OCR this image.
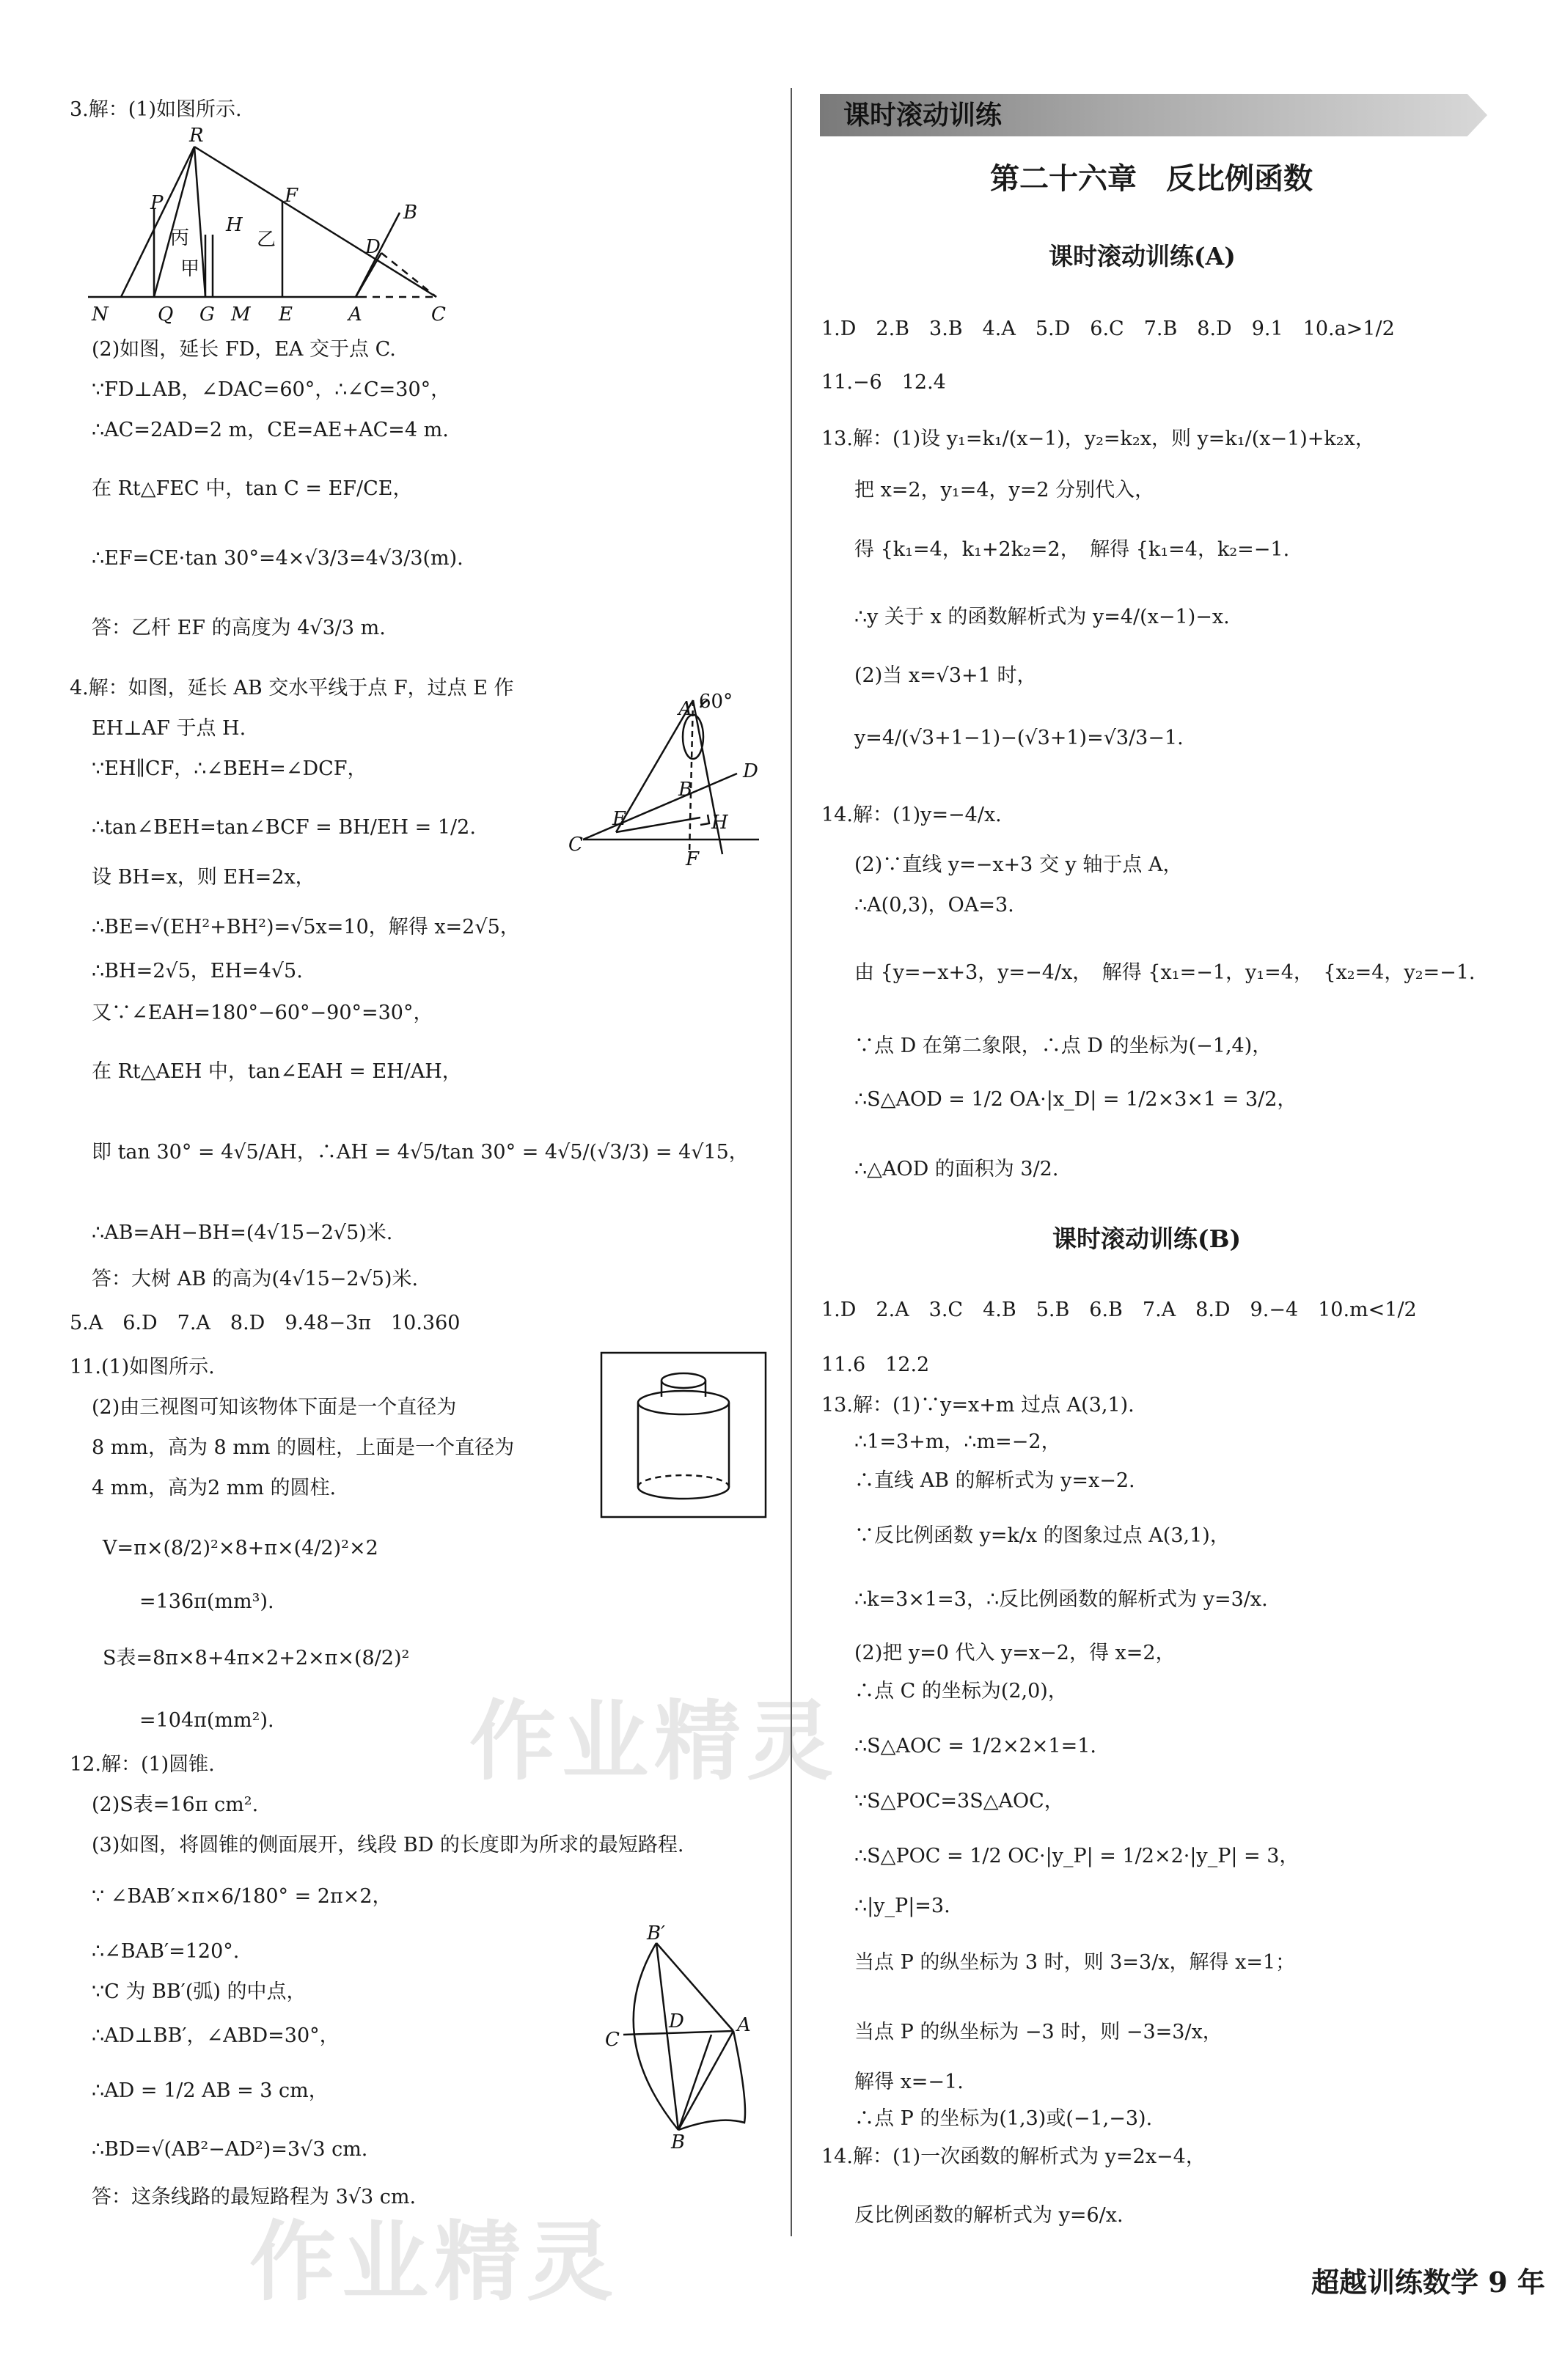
3.解：(1)如图所示.
R
P
H
F
D
B
丙
甲
乙
N	Q G M E	A	C
(2)如图，延长 FD，EA 交于点 C.
∵FD⊥AB，∠DAC=60°，∴∠C=30°，
∴AC=2AD=2 m，CE=AE+AC=4 m.
在 Rt△FEC 中，tan C = EF/CE，
∴EF=CE·tan 30°=4×√3/3=4√3/3(m).
答：乙杆 EF 的高度为 4√3/3 m.
4.解：如图，延长 AB 交水平线于点 F，过点 E 作
EH⊥AF 于点 H.
∵EH∥CF，∴∠BEH=∠DCF，
A 60°
B
D
E	H
C
F
∴tan∠BEH=tan∠BCF = BH/EH = 1/2.
设 BH=x，则 EH=2x，
∴BE=√(EH²+BH²)=√5x=10，解得 x=2√5，
∴BH=2√5，EH=4√5.
又∵∠EAH=180°−60°−90°=30°，
在 Rt△AEH 中，tan∠EAH = EH/AH，
即 tan 30° = 4√5/AH，∴AH = 4√5/tan 30° = 4√5/(√3/3) = 4√15，
∴AB=AH−BH=(4√15−2√5)米.
答：大树 AB 的高为(4√15−2√5)米.
5.A　6.D　7.A　8.D　9.48−3π　10.360
11.(1)如图所示.
(2)由三视图可知该物体下面是一个直径为
8 mm，高为 8 mm 的圆柱，上面是一个直径为
4 mm，高为2 mm 的圆柱.
V=π×(8/2)²×8+π×(4/2)²×2
=136π(mm³).
S表=8π×8+4π×2+2×π×(8/2)²
=104π(mm²).
12.解：(1)圆锥.
(2)S表=16π cm².
(3)如图，将圆锥的侧面展开，线段 BD 的长度即为所求的最短路程.
∵ ∠BAB′×π×6/180° = 2π×2，
∴∠BAB′=120°.
∵C 为 BB′(弧) 的中点，
∴AD⊥BB′，∠ABD=30°，
∴AD = 1/2 AB = 3 cm，
∴BD=√(AB²−AD²)=3√3 cm.
答：这条线路的最短路程为 3√3 cm.
B′
C
D	A
B
课时滚动训练
第二十六章　反比例函数
课时滚动训练(A)
1.D　2.B　3.B　4.A　5.D　6.C　7.B　8.D　9.1　10.a>1/2
11.−6　12.4
13.解：(1)设 y₁=k₁/(x−1)，y₂=k₂x，则 y=k₁/(x−1)+k₂x，
把 x=2，y₁=4，y=2 分别代入，
得 {k₁=4，k₁+2k₂=2，　解得 {k₁=4，k₂=−1.
∴y 关于 x 的函数解析式为 y=4/(x−1)−x.
(2)当 x=√3+1 时，
y=4/(√3+1−1)−(√3+1)=√3/3−1.
14.解：(1)y=−4/x.
(2)∵直线 y=−x+3 交 y 轴于点 A，
∴A(0,3)，OA=3.
由 {y=−x+3，y=−4/x，　解得 {x₁=−1，y₁=4，　{x₂=4，y₂=−1.
∵点 D 在第二象限，∴点 D 的坐标为(−1,4)，
∴S△AOD = 1/2 OA·|x_D| = 1/2×3×1 = 3/2，
∴△AOD 的面积为 3/2.
课时滚动训练(B)
1.D　2.A　3.C　4.B　5.B　6.B　7.A　8.D　9.−4　10.m<1/2
11.6　12.2
13.解：(1)∵y=x+m 过点 A(3,1).
∴1=3+m，∴m=−2，
∴直线 AB 的解析式为 y=x−2.
∵反比例函数 y=k/x 的图象过点 A(3,1)，
∴k=3×1=3，∴反比例函数的解析式为 y=3/x.
(2)把 y=0 代入 y=x−2，得 x=2，
∴点 C 的坐标为(2,0)，
∴S△AOC = 1/2×2×1=1.
∵S△POC=3S△AOC，
∴S△POC = 1/2 OC·|y_P| = 1/2×2·|y_P| = 3，
∴|y_P|=3.
当点 P 的纵坐标为 3 时，则 3=3/x，解得 x=1；
当点 P 的纵坐标为 −3 时，则 −3=3/x，
解得 x=−1.
∴点 P 的坐标为(1,3)或(−1,−3).
14.解：(1)一次函数的解析式为 y=2x−4，
反比例函数的解析式为 y=6/x.
作业精灵
作业精灵	超越训练数学 9 年
